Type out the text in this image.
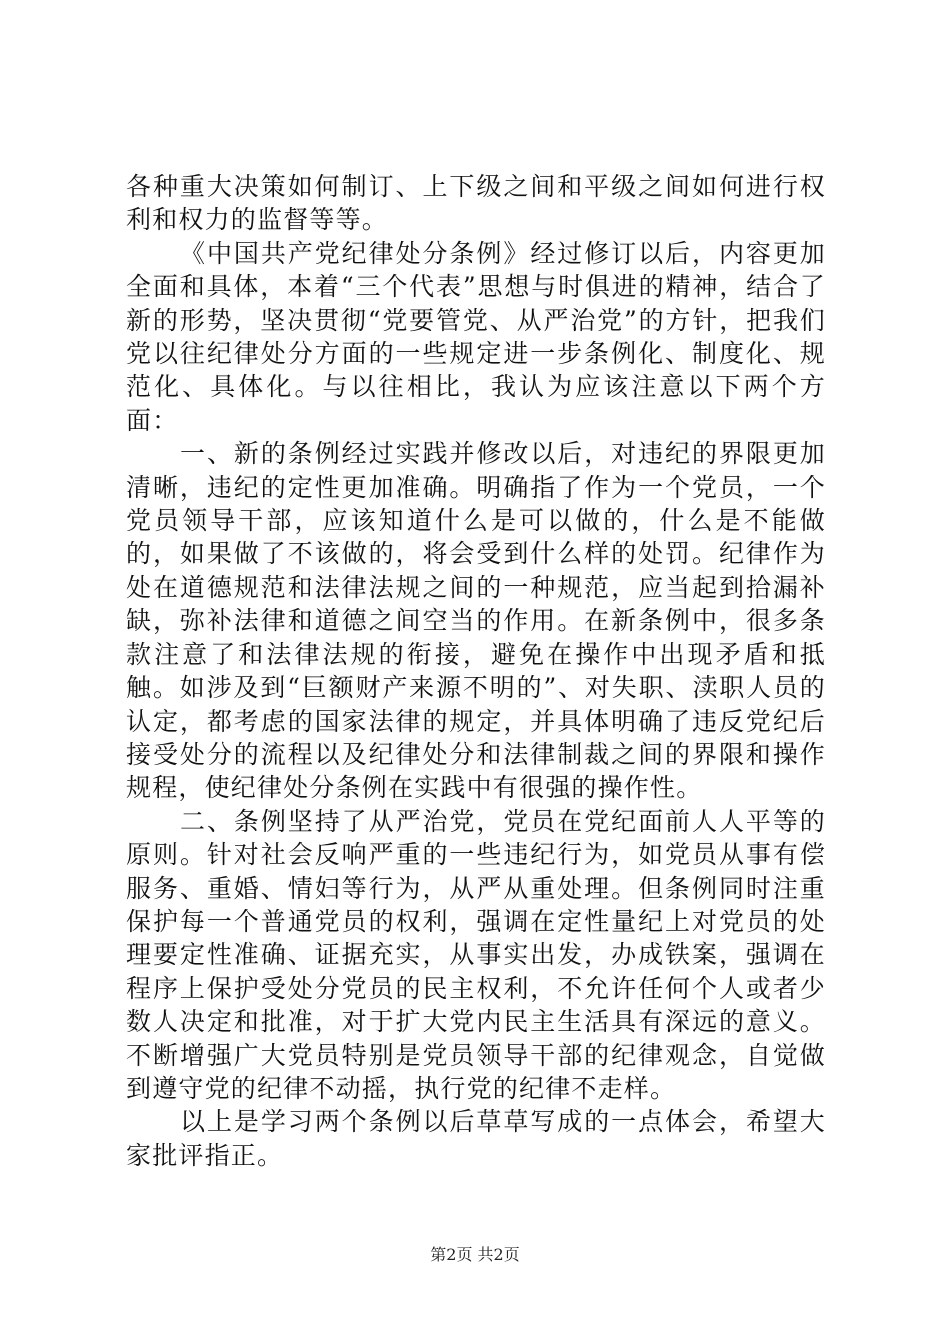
各种重大决策如何制订、上下级之间和平级之间如何进行权利和权力的监督等等。

《中国共产党纪律处分条例》经过修订以后，内容更加全面和具体，本着“三个代表”思想与时俱进的精神，结合了新的形势，坚决贯彻“党要管党、从严治党”的方针，把我们党以往纪律处分方面的一些规定进一步条例化、制度化、规范化、具体化。与以往相比，我认为应该注意以下两个方面：

一、新的条例经过实践并修改以后，对违纪的界限更加清晰，违纪的定性更加准确。明确指了作为一个党员，一个党员领导干部，应该知道什么是可以做的，什么是不能做的，如果做了不该做的，将会受到什么样的处罚。纪律作为处在道德规范和法律法规之间的一种规范，应当起到拾漏补缺，弥补法律和道德之间空当的作用。在新条例中，很多条款注意了和法律法规的衔接，避免在操作中出现矛盾和抵触。如涉及到“巨额财产来源不明的”、对失职、渎职人员的认定，都考虑的国家法律的规定，并具体明确了违反党纪后接受处分的流程以及纪律处分和法律制裁之间的界限和操作规程，使纪律处分条例在实践中有很强的操作性。

二、条例坚持了从严治党，党员在党纪面前人人平等的原则。针对社会反响严重的一些违纪行为，如党员从事有偿服务、重婚、情妇等行为，从严从重处理。但条例同时注重保护每一个普通党员的权利，强调在定性量纪上对党员的处理要定性准确、证据充实，从事实出发，办成铁案，强调在程序上保护受处分党员的民主权利，不允许任何个人或者少数人决定和批准，对于扩大党内民主生活具有深远的意义。不断增强广大党员特别是党员领导干部的纪律观念，自觉做到遵守党的纪律不动摇，执行党的纪律不走样。

以上是学习两个条例以后草草写成的一点体会，希望大家批评指正。

第2页 共2页
